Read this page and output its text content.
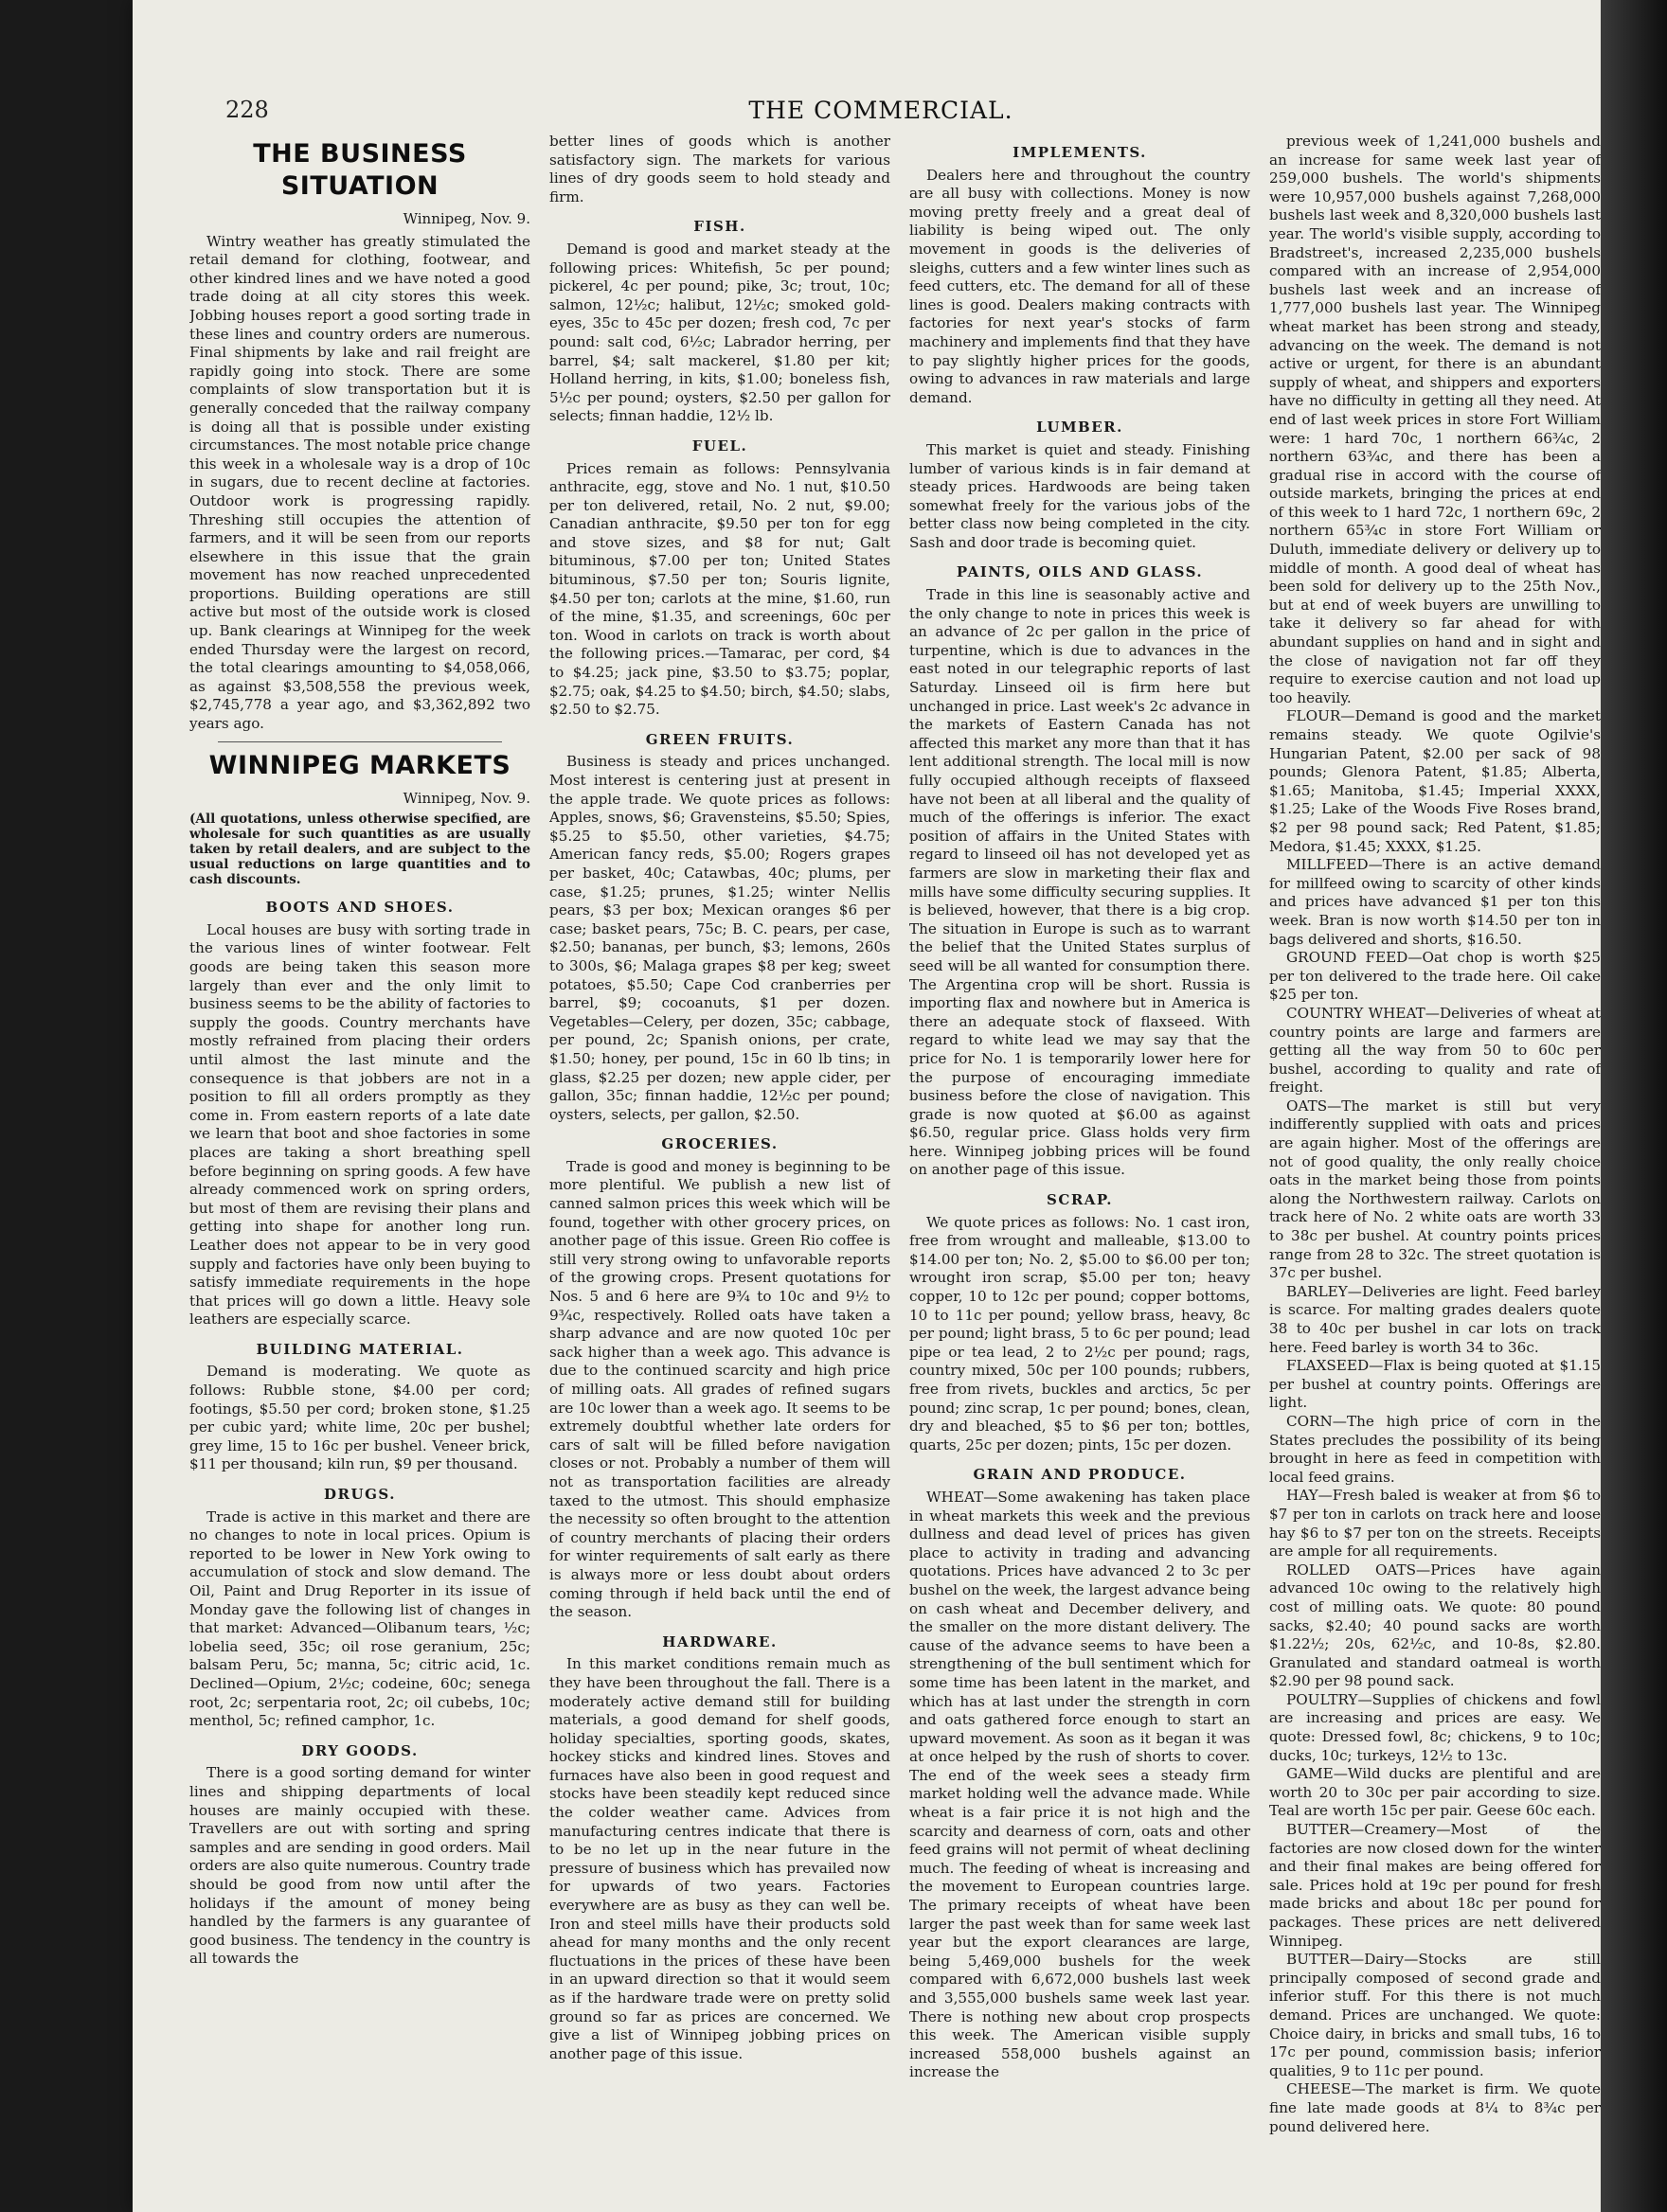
228	THE COMMERCIAL.
THE BUSINESS SITUATION
Winnipeg, Nov. 9.

Wintry weather has greatly stimulated the retail demand for clothing, footwear, and other kindred lines and we have noted a good trade doing at all city stores this week. Jobbing houses report a good sorting trade in these lines and country orders are numerous. Final shipments by lake and rail freight are rapidly going into stock. There are some complaints of slow transportation but it is generally conceded that the railway company is doing all that is possible under existing circumstances. The most notable price change this week in a wholesale way is a drop of 10c in sugars, due to recent decline at factories. Outdoor work is progressing rapidly. Threshing still occupies the attention of farmers, and it will be seen from our reports elsewhere in this issue that the grain movement has now reached unprecedented proportions. Building operations are still active but most of the outside work is closed up. Bank clearings at Winnipeg for the week ended Thursday were the largest on record, the total clearings amounting to $4,058,066, as against $3,508,558 the previous week, $2,745,778 a year ago, and $3,362,892 two years ago.

WINNIPEG MARKETS
Winnipeg, Nov. 9.

(All quotations, unless otherwise specified, are wholesale for such quantities as are usually taken by retail dealers, and are subject to the usual reductions on large quantities and to cash discounts.

BOOTS AND SHOES.

Local houses are busy with sorting trade in the various lines of winter footwear. Felt goods are being taken this season more largely than ever and the only limit to business seems to be the ability of factories to supply the goods. Country merchants have mostly refrained from placing their orders until almost the last minute and the consequence is that jobbers are not in a position to fill all orders promptly as they come in. From eastern reports of a late date we learn that boot and shoe factories in some places are taking a short breathing spell before beginning on spring goods. A few have already commenced work on spring orders, but most of them are revising their plans and getting into shape for another long run. Leather does not appear to be in very good supply and factories have only been buying to satisfy immediate requirements in the hope that prices will go down a little. Heavy sole leathers are especially scarce.

BUILDING MATERIAL.

Demand is moderating. We quote as follows: Rubble stone, $4.00 per cord; footings, $5.50 per cord; broken stone, $1.25 per cubic yard; white lime, 20c per bushel; grey lime, 15 to 16c per bushel. Veneer brick, $11 per thousand; kiln run, $9 per thousand.

DRUGS.

Trade is active in this market and there are no changes to note in local prices. Opium is reported to be lower in New York owing to accumulation of stock and slow demand. The Oil, Paint and Drug Reporter in its issue of Monday gave the following list of changes in that market: Advanced—Olibanum tears, ½c; lobelia seed, 35c; oil rose geranium, 25c; balsam Peru, 5c; manna, 5c; citric acid, 1c. Declined—Opium, 2½c; codeine, 60c; senega root, 2c; serpentaria root, 2c; oil cubebs, 10c; menthol, 5c; refined camphor, 1c.

DRY GOODS.

There is a good sorting demand for winter lines and shipping departments of local houses are mainly occupied with these. Travellers are out with sorting and spring samples and are sending in good orders. Mail orders are also quite numerous. Country trade should be good from now until after the holidays if the amount of money being handled by the farmers is any guarantee of good business. The tendency in the country is all towards the

better lines of goods which is another satisfactory sign. The markets for various lines of dry goods seem to hold steady and firm.

FISH.

Demand is good and market steady at the following prices: Whitefish, 5c per pound; pickerel, 4c per pound; pike, 3c; trout, 10c; salmon, 12½c; halibut, 12½c; smoked gold-eyes, 35c to 45c per dozen; fresh cod, 7c per pound: salt cod, 6½c; Labrador herring, per barrel, $4; salt mackerel, $1.80 per kit; Holland herring, in kits, $1.00; boneless fish, 5½c per pound; oysters, $2.50 per gallon for selects; finnan haddie, 12½ lb.

FUEL.

Prices remain as follows: Pennsylvania anthracite, egg, stove and No. 1 nut, $10.50 per ton delivered, retail, No. 2 nut, $9.00; Canadian anthracite, $9.50 per ton for egg and stove sizes, and $8 for nut; Galt bituminous, $7.00 per ton; United States bituminous, $7.50 per ton; Souris lignite, $4.50 per ton; carlots at the mine, $1.60, run of the mine, $1.35, and screenings, 60c per ton. Wood in carlots on track is worth about the following prices.—Tamarac, per cord, $4 to $4.25; jack pine, $3.50 to $3.75; poplar, $2.75; oak, $4.25 to $4.50; birch, $4.50; slabs, $2.50 to $2.75.

GREEN FRUITS.

Business is steady and prices unchanged. Most interest is centering just at present in the apple trade. We quote prices as follows: Apples, snows, $6; Gravensteins, $5.50; Spies, $5.25 to $5.50, other varieties, $4.75; American fancy reds, $5.00; Rogers grapes per basket, 40c; Catawbas, 40c; plums, per case, $1.25; prunes, $1.25; winter Nellis pears, $3 per box; Mexican oranges $6 per case; basket pears, 75c; B. C. pears, per case, $2.50; bananas, per bunch, $3; lemons, 260s to 300s, $6; Malaga grapes $8 per keg; sweet potatoes, $5.50; Cape Cod cranberries per barrel, $9; cocoanuts, $1 per dozen. Vegetables—Celery, per dozen, 35c; cabbage, per pound, 2c; Spanish onions, per crate, $1.50; honey, per pound, 15c in 60 lb tins; in glass, $2.25 per dozen; new apple cider, per gallon, 35c; finnan haddie, 12½c per pound; oysters, selects, per gallon, $2.50.

GROCERIES.

Trade is good and money is beginning to be more plentiful. We publish a new list of canned salmon prices this week which will be found, together with other grocery prices, on another page of this issue. Green Rio coffee is still very strong owing to unfavorable reports of the growing crops. Present quotations for Nos. 5 and 6 here are 9¾ to 10c and 9½ to 9¾c, respectively. Rolled oats have taken a sharp advance and are now quoted 10c per sack higher than a week ago. This advance is due to the continued scarcity and high price of milling oats. All grades of refined sugars are 10c lower than a week ago. It seems to be extremely doubtful whether late orders for cars of salt will be filled before navigation closes or not. Probably a number of them will not as transportation facilities are already taxed to the utmost. This should emphasize the necessity so often brought to the attention of country merchants of placing their orders for winter requirements of salt early as there is always more or less doubt about orders coming through if held back until the end of the season.

HARDWARE.

In this market conditions remain much as they have been throughout the fall. There is a moderately active demand still for building materials, a good demand for shelf goods, holiday specialties, sporting goods, skates, hockey sticks and kindred lines. Stoves and furnaces have also been in good request and stocks have been steadily kept reduced since the colder weather came. Advices from manufacturing centres indicate that there is to be no let up in the near future in the pressure of business which has prevailed now for upwards of two years. Factories everywhere are as busy as they can well be. Iron and steel mills have their products sold ahead for many months and the only recent fluctuations in the prices of these have been in an upward direction so that it would seem as if the hardware trade were on pretty solid ground so far as prices are concerned. We give a list of Winnipeg jobbing prices on another page of this issue.

IMPLEMENTS.

Dealers here and throughout the country are all busy with collections. Money is now moving pretty freely and a great deal of liability is being wiped out. The only movement in goods is the deliveries of sleighs, cutters and a few winter lines such as feed cutters, etc. The demand for all of these lines is good. Dealers making contracts with factories for next year's stocks of farm machinery and implements find that they have to pay slightly higher prices for the goods, owing to advances in raw materials and large demand.

LUMBER.

This market is quiet and steady. Finishing lumber of various kinds is in fair demand at steady prices. Hardwoods are being taken somewhat freely for the various jobs of the better class now being completed in the city. Sash and door trade is becoming quiet.

PAINTS, OILS AND GLASS.

Trade in this line is seasonably active and the only change to note in prices this week is an advance of 2c per gallon in the price of turpentine, which is due to advances in the east noted in our telegraphic reports of last Saturday. Linseed oil is firm here but unchanged in price. Last week's 2c advance in the markets of Eastern Canada has not affected this market any more than that it has lent additional strength. The local mill is now fully occupied although receipts of flaxseed have not been at all liberal and the quality of much of the offerings is inferior. The exact position of affairs in the United States with regard to linseed oil has not developed yet as farmers are slow in marketing their flax and mills have some difficulty securing supplies. It is believed, however, that there is a big crop. The situation in Europe is such as to warrant the belief that the United States surplus of seed will be all wanted for consumption there. The Argentina crop will be short. Russia is importing flax and nowhere but in America is there an adequate stock of flaxseed. With regard to white lead we may say that the price for No. 1 is temporarily lower here for the purpose of encouraging immediate business before the close of navigation. This grade is now quoted at $6.00 as against $6.50, regular price. Glass holds very firm here. Winnipeg jobbing prices will be found on another page of this issue.

SCRAP.

We quote prices as follows: No. 1 cast iron, free from wrought and malleable, $13.00 to $14.00 per ton; No. 2, $5.00 to $6.00 per ton; wrought iron scrap, $5.00 per ton; heavy copper, 10 to 12c per pound; copper bottoms, 10 to 11c per pound; yellow brass, heavy, 8c per pound; light brass, 5 to 6c per pound; lead pipe or tea lead, 2 to 2½c per pound; rags, country mixed, 50c per 100 pounds; rubbers, free from rivets, buckles and arctics, 5c per pound; zinc scrap, 1c per pound; bones, clean, dry and bleached, $5 to $6 per ton; bottles, quarts, 25c per dozen; pints, 15c per dozen.

GRAIN AND PRODUCE.

WHEAT—Some awakening has taken place in wheat markets this week and the previous dullness and dead level of prices has given place to activity in trading and advancing quotations. Prices have advanced 2 to 3c per bushel on the week, the largest advance being on cash wheat and December delivery, and the smaller on the more distant delivery. The cause of the advance seems to have been a strengthening of the bull sentiment which for some time has been latent in the market, and which has at last under the strength in corn and oats gathered force enough to start an upward movement. As soon as it began it was at once helped by the rush of shorts to cover. The end of the week sees a steady firm market holding well the advance made. While wheat is a fair price it is not high and the scarcity and dearness of corn, oats and other feed grains will not permit of wheat declining much. The feeding of wheat is increasing and the movement to European countries large. The primary receipts of wheat have been larger the past week than for same week last year but the export clearances are large, being 5,469,000 bushels for the week compared with 6,672,000 bushels last week and 3,555,000 bushels same week last year. There is nothing new about crop prospects this week. The American visible supply increased 558,000 bushels against an increase the

previous week of 1,241,000 bushels and an increase for same week last year of 259,000 bushels. The world's shipments were 10,957,000 bushels against 7,268,000 bushels last week and 8,320,000 bushels last year. The world's visible supply, according to Bradstreet's, increased 2,235,000 bushels compared with an increase of 2,954,000 bushels last week and an increase of 1,777,000 bushels last year. The Winnipeg wheat market has been strong and steady, advancing on the week. The demand is not active or urgent, for there is an abundant supply of wheat, and shippers and exporters have no difficulty in getting all they need. At end of last week prices in store Fort William were: 1 hard 70c, 1 northern 66¾c, 2 northern 63¾c, and there has been a gradual rise in accord with the course of outside markets, bringing the prices at end of this week to 1 hard 72c, 1 northern 69c, 2 northern 65¾c in store Fort William or Duluth, immediate delivery or delivery up to middle of month. A good deal of wheat has been sold for delivery up to the 25th Nov., but at end of week buyers are unwilling to take it delivery so far ahead for with abundant supplies on hand and in sight and the close of navigation not far off they require to exercise caution and not load up too heavily.

FLOUR—Demand is good and the market remains steady. We quote Ogilvie's Hungarian Patent, $2.00 per sack of 98 pounds; Glenora Patent, $1.85; Alberta, $1.65; Manitoba, $1.45; Imperial XXXX, $1.25; Lake of the Woods Five Roses brand, $2 per 98 pound sack; Red Patent, $1.85; Medora, $1.45; XXXX, $1.25.

MILLFEED—There is an active demand for millfeed owing to scarcity of other kinds and prices have advanced $1 per ton this week. Bran is now worth $14.50 per ton in bags delivered and shorts, $16.50.

GROUND FEED—Oat chop is worth $25 per ton delivered to the trade here. Oil cake $25 per ton.

COUNTRY WHEAT—Deliveries of wheat at country points are large and farmers are getting all the way from 50 to 60c per bushel, according to quality and rate of freight.

OATS—The market is still but very indifferently supplied with oats and prices are again higher. Most of the offerings are not of good quality, the only really choice oats in the market being those from points along the Northwestern railway. Carlots on track here of No. 2 white oats are worth 33 to 38c per bushel. At country points prices range from 28 to 32c. The street quotation is 37c per bushel.

BARLEY—Deliveries are light. Feed barley is scarce. For malting grades dealers quote 38 to 40c per bushel in car lots on track here. Feed barley is worth 34 to 36c.

FLAXSEED—Flax is being quoted at $1.15 per bushel at country points. Offerings are light.

CORN—The high price of corn in the States precludes the possibility of its being brought in here as feed in competition with local feed grains.

HAY—Fresh baled is weaker at from $6 to $7 per ton in carlots on track here and loose hay $6 to $7 per ton on the streets. Receipts are ample for all requirements.

ROLLED OATS—Prices have again advanced 10c owing to the relatively high cost of milling oats. We quote: 80 pound sacks, $2.40; 40 pound sacks are worth $1.22½; 20s, 62½c, and 10-8s, $2.80. Granulated and standard oatmeal is worth $2.90 per 98 pound sack.

POULTRY—Supplies of chickens and fowl are increasing and prices are easy. We quote: Dressed fowl, 8c; chickens, 9 to 10c; ducks, 10c; turkeys, 12½ to 13c.

GAME—Wild ducks are plentiful and are worth 20 to 30c per pair according to size. Teal are worth 15c per pair. Geese 60c each.

BUTTER—Creamery—Most of the factories are now closed down for the winter and their final makes are being offered for sale. Prices hold at 19c per pound for fresh made bricks and about 18c per pound for packages. These prices are nett delivered Winnipeg.

BUTTER—Dairy—Stocks are still principally composed of second grade and inferior stuff. For this there is not much demand. Prices are unchanged. We quote: Choice dairy, in bricks and small tubs, 16 to 17c per pound, commission basis; inferior qualities, 9 to 11c per pound.

CHEESE—The market is firm. We quote fine late made goods at 8¼ to 8¾c per pound delivered here.
